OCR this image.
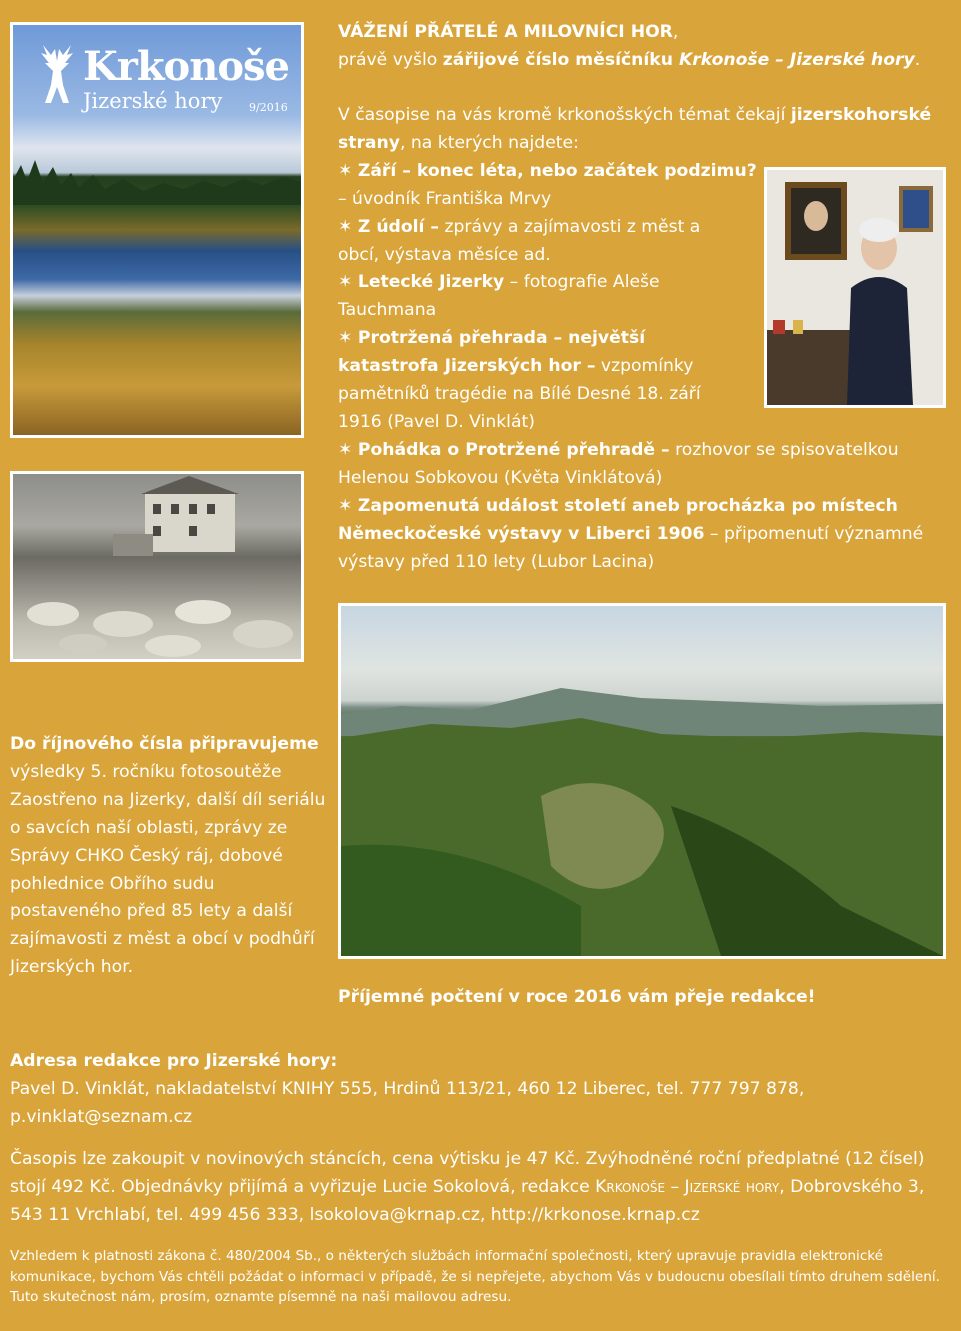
Krkonoše
Jizerské hory 9/2016
VÁŽENÍ PŘÁTELÉ A MILOVNÍCI HOR,
právě vyšlo zářijové číslo měsíčníku Krkonoše – Jizerské hory.
V časopise na vás kromě krkonošských témat čekají jizerskohorské strany, na kterých najdete:
✶ Září – konec léta, nebo začátek podzimu? – úvodník Františka Mrvy
✶ Z údolí – zprávy a zajímavosti z měst a obcí, výstava měsíce ad.
✶ Letecké Jizerky – fotografie Aleše Tauchmana
✶ Protržená přehrada – největší katastrofa Jizerských hor – vzpomínky pamětníků tragédie na Bílé Desné 18. září 1916 (Pavel D. Vinklát)
✶ Pohádka o Protržené přehradě – rozhovor se spisovatelkou Helenou Sobkovou (Květa Vinklátová)
✶ Zapomenutá událost století aneb procházka po místech Německočeské výstavy v Liberci 1906 – připomenutí významné výstavy před 110 lety (Lubor Lacina)
Do říjnového čísla připravujeme výsledky 5. ročníku fotosoutěže Zaostřeno na Jizerky, další díl seriálu o savcích naší oblasti, zprávy ze Správy CHKO Český ráj, dobové pohlednice Obřího sudu postaveného před 85 lety a další zajímavosti z měst a obcí v podhůří Jizerských hor.
Příjemné počtení v roce 2016 vám přeje redakce!
Adresa redakce pro Jizerské hory:
Pavel D. Vinklát, nakladatelství KNIHY 555, Hrdinů 113/21, 460 12 Liberec, tel. 777 797 878,
p.vinklat@seznam.cz
Časopis lze zakoupit v novinových stáncích, cena výtisku je 47 Kč. Zvýhodněné roční předplatné (12 čísel) stojí 492 Kč. Objednávky přijímá a vyřizuje Lucie Sokolová, redakce Krkonoše – Jizerské hory, Dobrovského 3, 543 11 Vrchlabí, tel. 499 456 333, lsokolova@krnap.cz, http://krkonose.krnap.cz
Vzhledem k platnosti zákona č. 480/2004 Sb., o některých službách informační společnosti, který upravuje pravidla elektronické komunikace, bychom Vás chtěli požádat o informaci v případě, že si nepřejete, abychom Vás v budoucnu obesílali tímto druhem sdělení. Tuto skutečnost nám, prosím, oznamte písemně na naši mailovou adresu.
